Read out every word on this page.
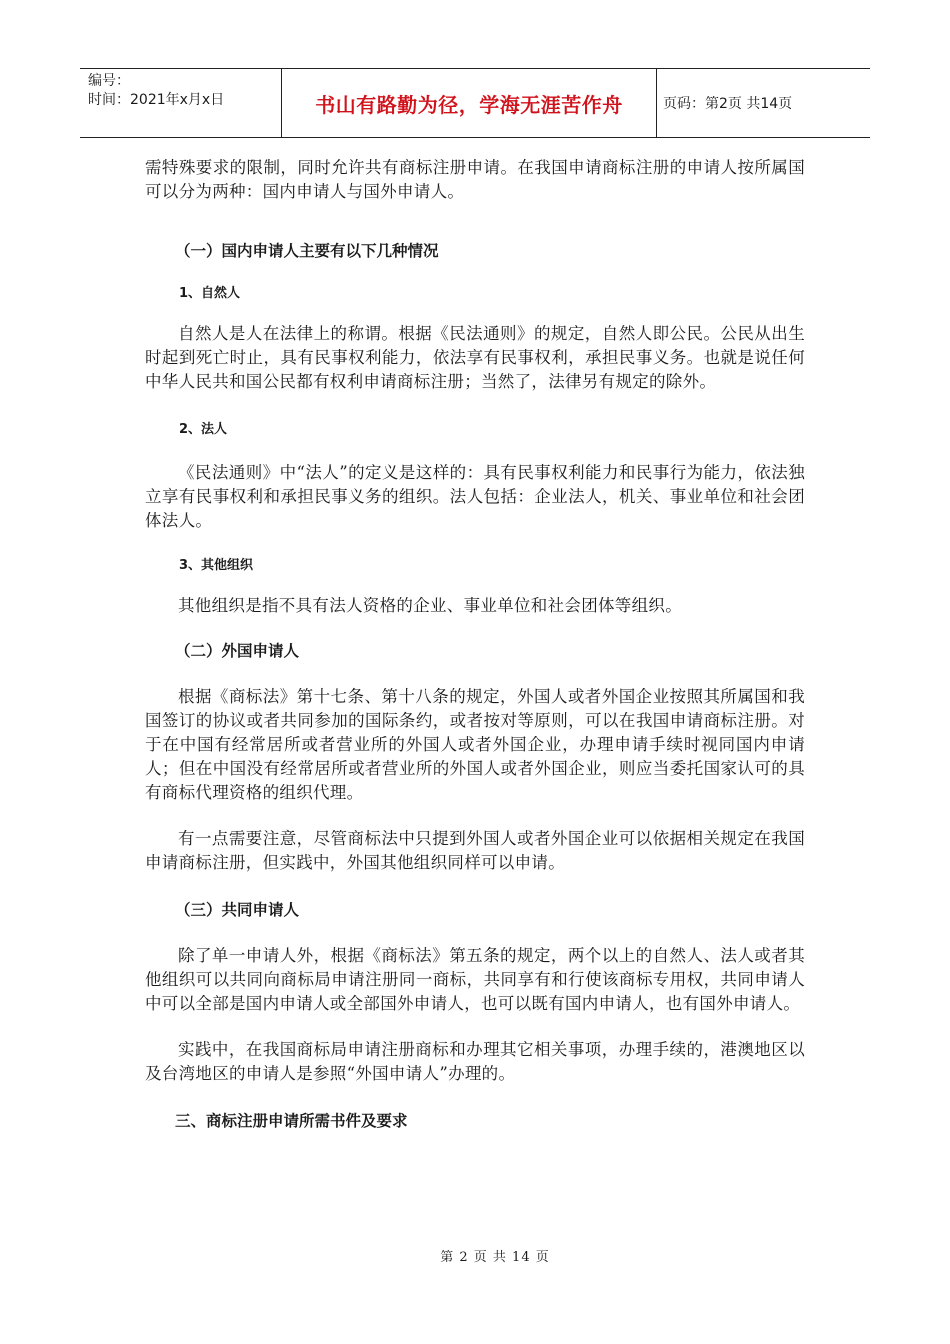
编号：
时间：2021年x月x日	书山有路勤为径，学海无涯苦作舟	页码：第2页 共14页

需特殊要求的限制，同时允许共有商标注册申请。在我国申请商标注册的申请人按所属国可以分为两种：国内申请人与国外申请人。

（一）国内申请人主要有以下几种情况

1、自然人

自然人是人在法律上的称谓。根据《民法通则》的规定，自然人即公民。公民从出生时起到死亡时止，具有民事权利能力，依法享有民事权利，承担民事义务。也就是说任何中华人民共和国公民都有权利申请商标注册；当然了，法律另有规定的除外。

2、法人

《民法通则》中“法人”的定义是这样的：具有民事权利能力和民事行为能力，依法独立享有民事权利和承担民事义务的组织。法人包括：企业法人，机关、事业单位和社会团体法人。

3、其他组织

其他组织是指不具有法人资格的企业、事业单位和社会团体等组织。

（二）外国申请人

根据《商标法》第十七条、第十八条的规定，外国人或者外国企业按照其所属国和我国签订的协议或者共同参加的国际条约，或者按对等原则，可以在我国申请商标注册。对于在中国有经常居所或者营业所的外国人或者外国企业，办理申请手续时视同国内申请人；但在中国没有经常居所或者营业所的外国人或者外国企业，则应当委托国家认可的具有商标代理资格的组织代理。

有一点需要注意，尽管商标法中只提到外国人或者外国企业可以依据相关规定在我国申请商标注册，但实践中，外国其他组织同样可以申请。

（三）共同申请人

除了单一申请人外，根据《商标法》第五条的规定，两个以上的自然人、法人或者其他组织可以共同向商标局申请注册同一商标，共同享有和行使该商标专用权，共同申请人中可以全部是国内申请人或全部国外申请人，也可以既有国内申请人，也有国外申请人。

实践中，在我国商标局申请注册商标和办理其它相关事项，办理手续的，港澳地区以及台湾地区的申请人是参照“外国申请人”办理的。

三、商标注册申请所需书件及要求

第 2 页 共 14 页
